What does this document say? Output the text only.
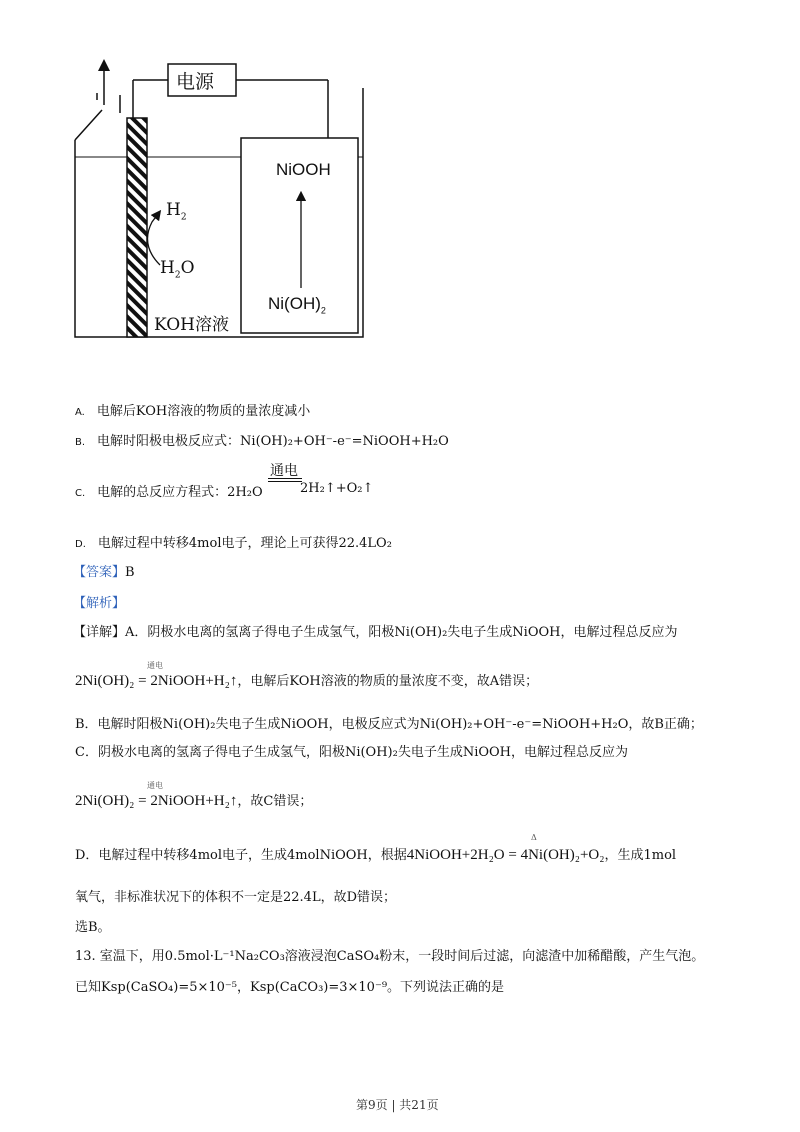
电源
$H_2$
$H_2O$
KOH溶液
NiOOH
$Ni(OH)_2$
A. 电解后KOH溶液的物质的量浓度减小
B. 电解时阳极电极反应式：Ni(OH)₂+OH⁻-e⁻=NiOOH+H₂O
C. 电解的总反应方程式：2H₂O
通电
2H₂↑+O₂↑
D. 电解过程中转移4mol电子，理论上可获得22.4LO₂
【答案】B
【解析】
【详解】A．阴极水电离的氢离子得电子生成氢气，阳极Ni(OH)₂失电子生成NiOOH，电解过程总反应为
通电
2Ni(OH)₂ = 2NiOOH+H₂↑，电解后KOH溶液的物质的量浓度不变，故A错误；
B．电解时阳极Ni(OH)₂失电子生成NiOOH，电极反应式为Ni(OH)₂+OH⁻-e⁻=NiOOH+H₂O，故B正确；
C．阴极水电离的氢离子得电子生成氢气，阳极Ni(OH)₂失电子生成NiOOH，电解过程总反应为
通电
2Ni(OH)₂ = 2NiOOH+H₂↑，故C错误；
Δ
D．电解过程中转移4mol电子，生成4molNiOOH，根据4NiOOH+2H₂O = 4Ni(OH)₂+O₂，生成1mol
氧气，非标准状况下的体积不一定是22.4L，故D错误；
选B。
13. 室温下，用0.5mol·L⁻¹Na₂CO₃溶液浸泡CaSO₄粉末，一段时间后过滤，向滤渣中加稀醋酸，产生气泡。
已知Ksp(CaSO₄)=5×10⁻⁵，Ksp(CaCO₃)=3×10⁻⁹。下列说法正确的是
第9页 | 共21页
